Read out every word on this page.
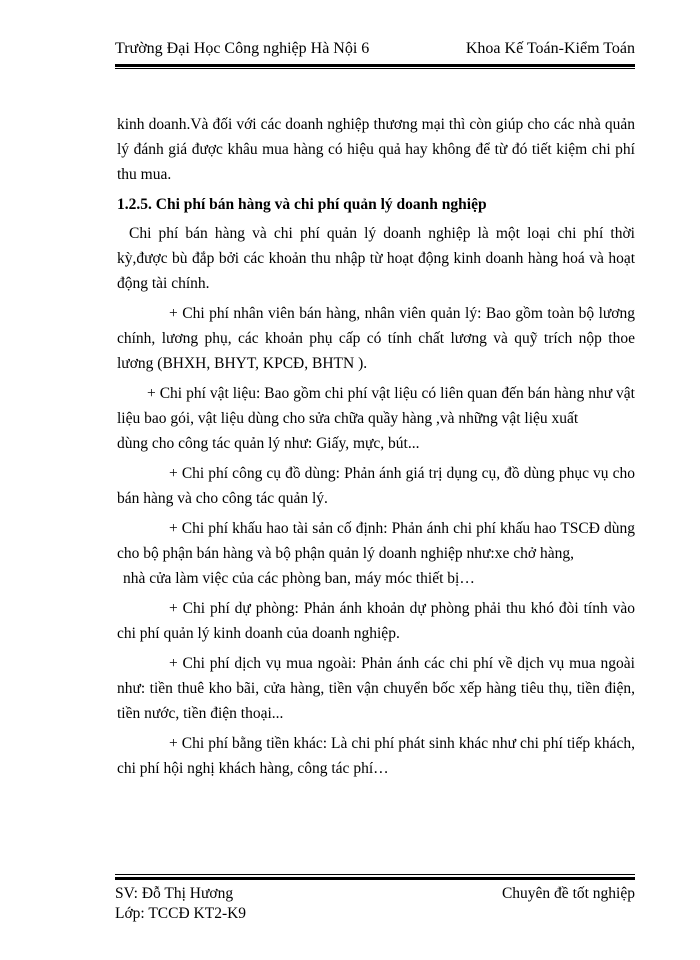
Trường Đại Học Công nghiệp Hà Nội 6	Khoa Kế Toán-Kiểm Toán

kinh doanh.Và đối với các doanh nghiệp thương mại thì còn giúp cho các nhà quản lý đánh giá được khâu mua hàng có hiệu quả hay không để từ đó tiết kiệm chi phí thu mua.

1.2.5. Chi phí bán hàng và chi phí quản lý doanh nghiệp

Chi phí bán hàng và chi phí quản lý doanh nghiệp là một loại chi phí thời kỳ,được bù đắp bởi các khoản thu nhập từ hoạt động kinh doanh hàng hoá và hoạt động tài chính.

+ Chi phí nhân viên bán hàng, nhân viên quản lý: Bao gồm toàn bộ lương chính, lương phụ, các khoản phụ cấp có tính chất lương và quỹ trích nộp thoe lương (BHXH, BHYT, KPCĐ, BHTN ).

+ Chi phí vật liệu: Bao gồm chi phí vật liệu có liên quan đến bán hàng như vật liệu bao gói, vật liệu dùng cho sửa chữa quầy hàng ,và những vật liệu xuất

dùng cho công tác quản lý như: Giấy, mực, bút...

+ Chi phí công cụ đồ dùng: Phản ánh giá trị dụng cụ, đồ dùng phục vụ cho bán hàng và cho công tác quản lý.

+ Chi phí khấu hao tài sản cố định: Phản ánh chi phí khấu hao TSCĐ dùng cho bộ phận bán hàng và bộ phận quản lý doanh nghiệp như:xe chở hàng,

nhà cửa làm việc của các phòng ban, máy móc thiết bị…

+ Chi phí dự phòng: Phản ánh khoản dự phòng phải thu khó đòi tính vào chi phí quản lý kinh doanh của doanh nghiệp.

+ Chi phí dịch vụ mua ngoài: Phản ánh các chi phí về dịch vụ mua ngoài như: tiền thuê kho bãi, cửa hàng, tiền vận chuyển bốc xếp hàng tiêu thụ, tiền điện, tiền nước, tiền điện thoại...

+ Chi phí bằng tiền khác: Là chi phí phát sinh khác như chi phí tiếp khách, chi phí hội nghị khách hàng, công tác phí…

SV: Đỗ Thị Hương	Chuyên đề tốt nghiệp
Lớp: TCCĐ KT2-K9
